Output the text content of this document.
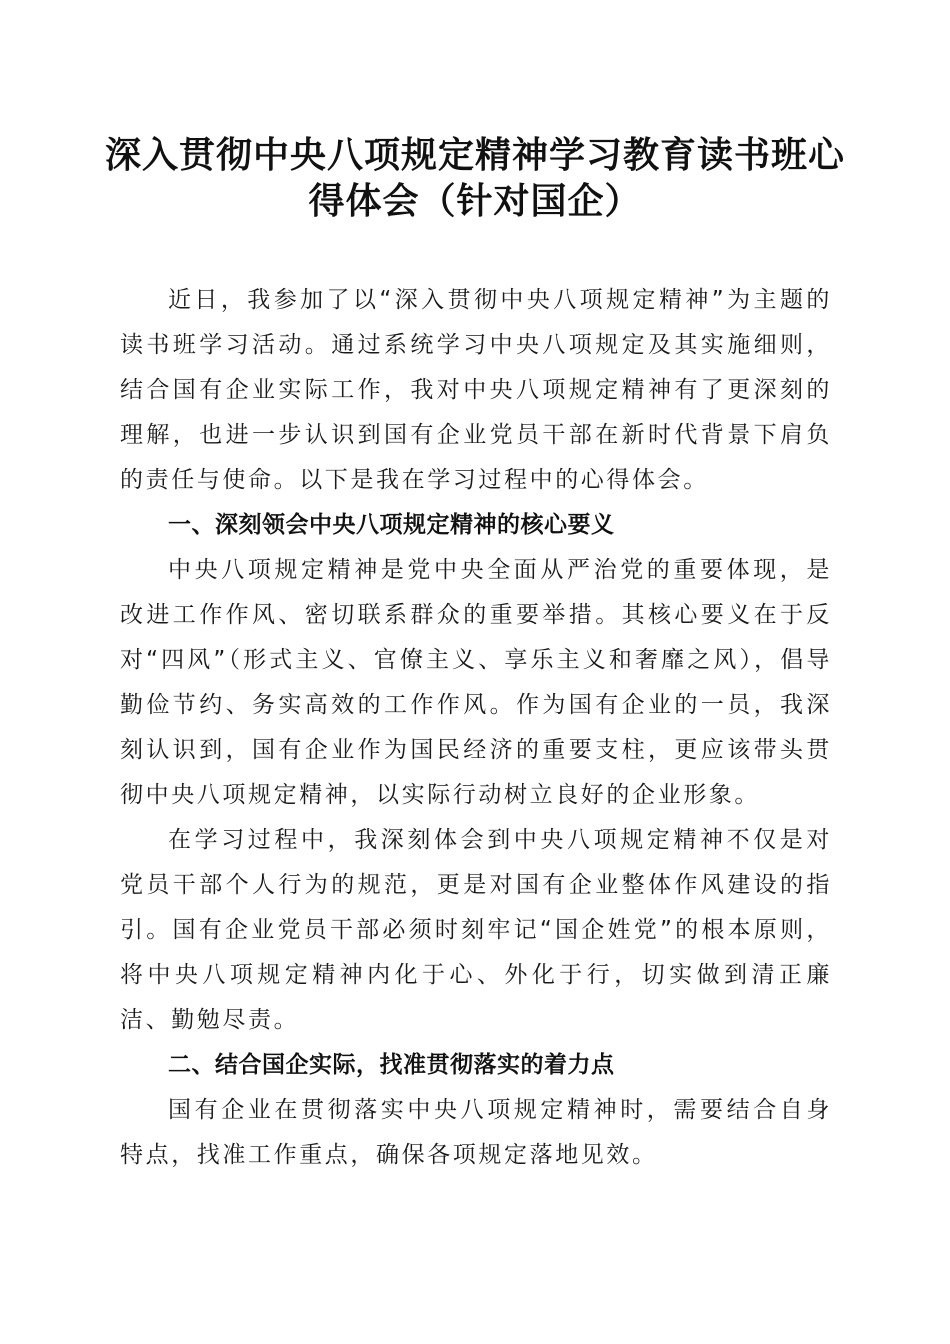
深入贯彻中央八项规定精神学习教育读书班心
得体会（针对国企）

近日，我参加了以“深入贯彻中央八项规定精神”为主题的读书班学习活动。通过系统学习中央八项规定及其实施细则，结合国有企业实际工作，我对中央八项规定精神有了更深刻的理解，也进一步认识到国有企业党员干部在新时代背景下肩负的责任与使命。以下是我在学习过程中的心得体会。

一、深刻领会中央八项规定精神的核心要义

中央八项规定精神是党中央全面从严治党的重要体现，是改进工作作风、密切联系群众的重要举措。其核心要义在于反对“四风”（形式主义、官僚主义、享乐主义和奢靡之风），倡导勤俭节约、务实高效的工作作风。作为国有企业的一员，我深刻认识到，国有企业作为国民经济的重要支柱，更应该带头贯彻中央八项规定精神，以实际行动树立良好的企业形象。

在学习过程中，我深刻体会到中央八项规定精神不仅是对党员干部个人行为的规范，更是对国有企业整体作风建设的指引。国有企业党员干部必须时刻牢记“国企姓党”的根本原则，将中央八项规定精神内化于心、外化于行，切实做到清正廉洁、勤勉尽责。

二、结合国企实际，找准贯彻落实的着力点

国有企业在贯彻落实中央八项规定精神时，需要结合自身特点，找准工作重点，确保各项规定落地见效。
